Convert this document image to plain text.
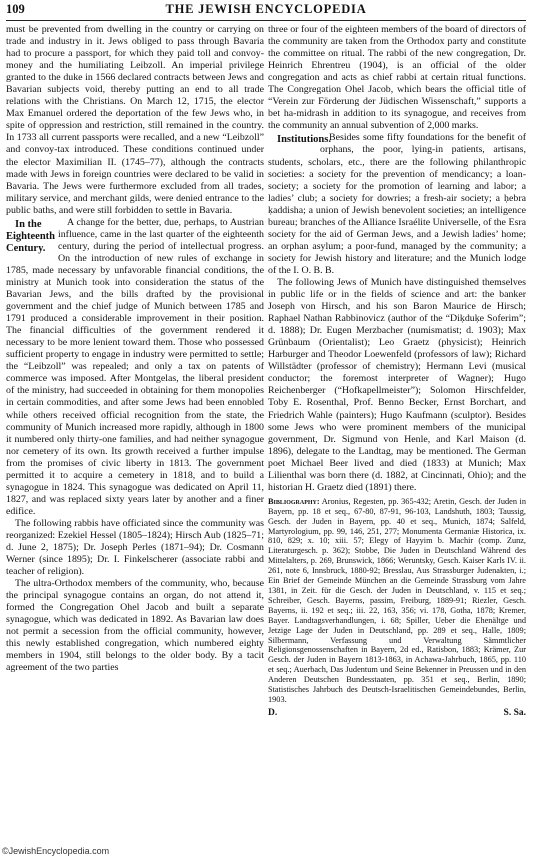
109	THE JEWISH ENCYCLOPEDIA

must be prevented from dwelling in the country or carrying on trade and industry in it. Jews obliged to pass through Bavaria had to procure a passport, for which they paid toll and convoy-money and the humiliating Leibzoll. An imperial privilege granted to the duke in 1566 declared contracts between Jews and Bavarian subjects void, thereby putting an end to all trade relations with the Christians. On March 12, 1715, the elector Max Emanuel ordered the deportation of the few Jews who, in spite of oppression and restriction, still remained in the country. In 1733 all current passports were recalled, and a new “Leibzoll” and convoy-tax introduced. These conditions continued under the elector Maximilian II. (1745–77), although the contracts made with Jews in foreign countries were declared to be valid in Bavaria. The Jews were furthermore excluded from all trades, military service, and merchant gilds, were denied entrance to the public baths, and were still forbidden to settle in Bavaria.

In the Eighteenth Century.
A change for the better, due, perhaps, to Austrian influence, came in the last quarter of the eighteenth century, during the period of intellectual progress. On the introduction of new rules of exchange in 1785, made necessary by unfavorable financial conditions, the ministry at Munich took into consideration the status of the Bavarian Jews, and the bills drafted by the provisional government and the chief judge of Munich between 1785 and 1791 produced a considerable improvement in their position. The financial difficulties of the government rendered it necessary to be more lenient toward them. Those who possessed sufficient property to engage in industry were permitted to settle; the “Leibzoll” was repealed; and only a tax on patents of commerce was imposed. After Montgelas, the liberal president of the ministry, had succeeded in obtaining for them monopolies in certain commodities, and after some Jews had been ennobled while others received official recognition from the state, the community of Munich increased more rapidly, although in 1800 it numbered only thirty-one families, and had neither synagogue nor cemetery of its own. Its growth received a further impulse from the promises of civic liberty in 1813. The government permitted it to acquire a cemetery in 1818, and to build a synagogue in 1824. This synagogue was dedicated on April 11, 1827, and was replaced sixty years later by another and a finer edifice.

The following rabbis have officiated since the community was reorganized: Ezekiel Hessel (1805–1824); Hirsch Aub (1825–71; d. June 2, 1875); Dr. Joseph Perles (1871–94); Dr. Cosmann Werner (since 1895); Dr. I. Finkelscherer (associate rabbi and teacher of religion).

The ultra-Orthodox members of the community, who, because the principal synagogue contains an organ, do not attend it, formed the Congregation Ohel Jacob and built a separate synagogue, which was dedicated in 1892. As Bavarian law does not permit a secession from the official community, however, this newly established congregation, which numbered eighty members in 1904, still belongs to the older body. By a tacit agreement of the two parties

three or four of the eighteen members of the board of directors of the community are taken from the Orthodox party and constitute the committee on ritual. The rabbi of the new congregation, Dr. Heinrich Ehrentreu (1904), is an official of the older congregation and acts as chief rabbi at certain ritual functions. The Congregation Ohel Jacob, which bears the official title of “Verein zur Förderung der Jüdischen Wissenschaft,” supports a bet ha-midrash in addition to its synagogue, and receives from the community an annual subvention of 2,000 marks.

Institutions.
Besides some fifty foundations for the benefit of orphans, the poor, lying-in patients, artisans, students, scholars, etc., there are the following philanthropic societies: a society for the prevention of mendicancy; a loan-society; a society for the promotion of learning and labor; a ladies’ club; a society for dowries; a fresh-air society; a ḥebra ḳaddisha; a union of Jewish benevolent societies; an intelligence bureau; branches of the Alliance Israélite Universelle, of the Esra society for the aid of German Jews, and a Jewish ladies’ home; an orphan asylum; a poor-fund, managed by the community; a society for Jewish history and literature; and the Munich lodge of the I. O. B. B.

The following Jews of Munich have distinguished themselves in public life or in the fields of science and art: the banker Joseph von Hirsch, and his son Baron Maurice de Hirsch; Raphael Nathan Rabbinovicz (author of the “Diḳduḳe Soferim”; d. 1888); Dr. Eugen Merzbacher (numismatist; d. 1903); Max Grünbaum (Orientalist); Leo Graetz (physicist); Heinrich Harburger and Theodor Loewenfeld (professors of law); Richard Willstädter (professor of chemistry); Hermann Levi (musical conductor; the foremost interpreter of Wagner); Hugo Reichenberger (“Hofkapellmeister”); Solomon Hirschfelder, Toby E. Rosenthal, Prof. Benno Becker, Ernst Borchart, and Friedrich Wahle (painters); Hugo Kaufmann (sculptor). Besides some Jews who were prominent members of the municipal government, Dr. Sigmund von Henle, and Karl Maison (d. 1896), delegate to the Landtag, may be mentioned. The German poet Michael Beer lived and died (1833) at Munich; Max Lilienthal was born there (d. 1882, at Cincinnati, Ohio); and the historian H. Graetz died (1891) there.

Bibliography: Aronius, Regesten, pp. 365-432; Aretin, Gesch. der Juden in Bayern, pp. 18 et seq., 67-80, 87-91, 96-103, Landshuth, 1803; Taussig, Gesch. der Juden in Bayern, pp. 40 et seq., Munich, 1874; Salfeld, Martyrologium, pp. 99, 146, 251, 277; Monumenta Germaniæ Historica, ix. 810, 829; x. 10; xiii. 57; Elegy of Hayyim b. Machir (comp. Zunz, Literaturgesch. p. 362); Stobbe, Die Juden in Deutschland Während des Mittelalters, p. 269, Brunswick, 1866; Weruntsky, Gesch. Kaiser Karls IV. ii. 261, note 6, Innsbruck, 1880-92; Bresslau, Aus Strassburger Judenakten, i.; Ein Brief der Gemeinde München an die Gemeinde Strassburg vom Jahre 1381, in Zeit. für die Gesch. der Juden in Deutschland, v. 115 et seq.; Schreiber, Gesch. Bayerns, passim, Freiburg, 1889-91; Riezler, Gesch. Bayerns, ii. 192 et seq.; iii. 22, 163, 356; vi. 178, Gotha, 1878; Kremer, Bayer. Landtagsverhandlungen, i. 68; Spiller, Ueber die Ehenältge und Jetzige Lage der Juden in Deutschland, pp. 289 et seq., Halle, 1809; Silbermann, Verfassung und Verwaltung Sämmtlicher Religionsgenossenschaften in Bayern, 2d ed., Ratisbon, 1883; Krämer, Zur Gesch. der Juden in Bayern 1813-1863, in Achawa-Jahrbuch, 1865, pp. 110 et seq.; Auerbach, Das Judentum und Seine Bekenner in Preussen und in den Anderen Deutschen Bundesstaaten, pp. 351 et seq., Berlin, 1890; Statistisches Jahrbuch des Deutsch-Israelitischen Gemeindebundes, Berlin, 1903.
D.	S. Sa.
©JewishEncyclopedia.com
